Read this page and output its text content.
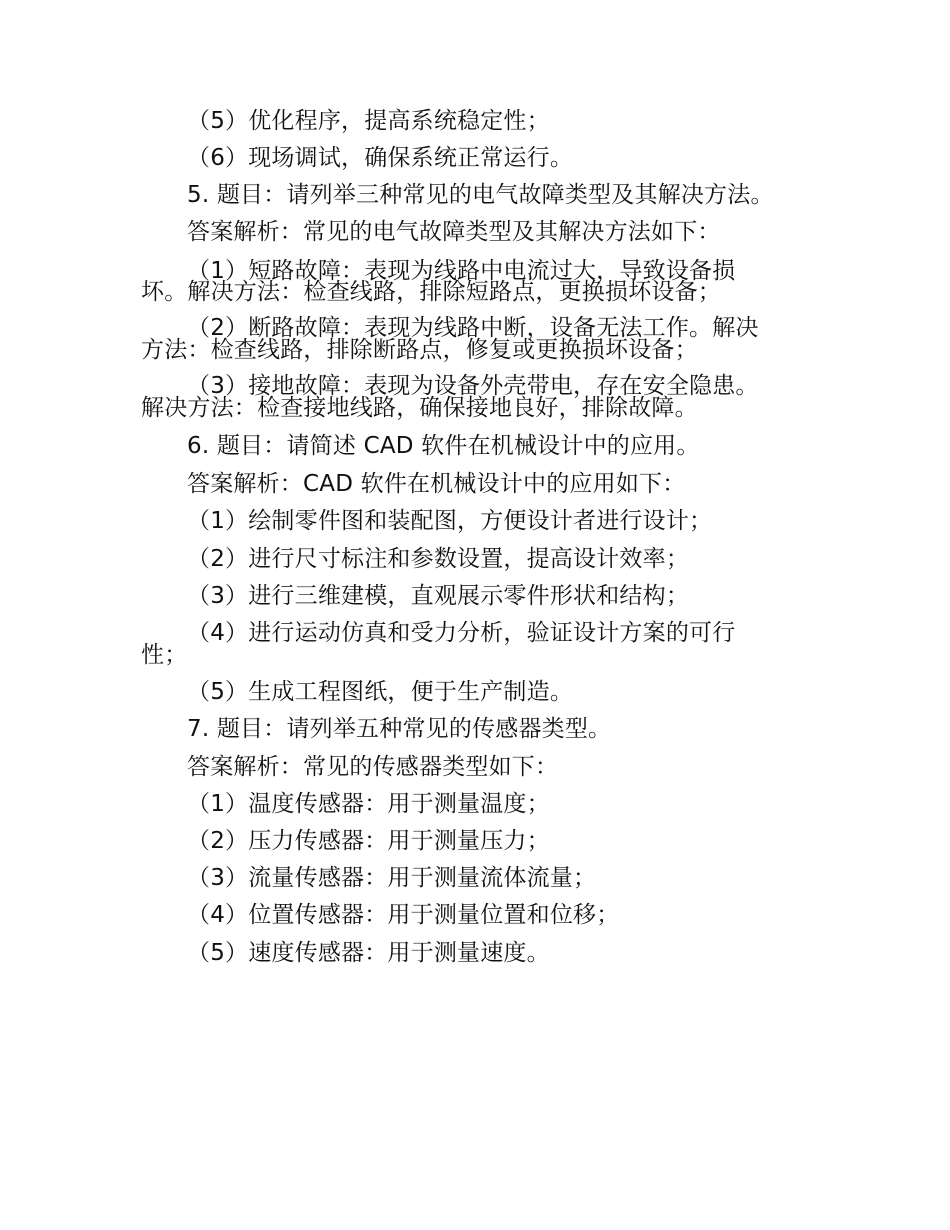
（5）优化程序，提高系统稳定性；
（6）现场调试，确保系统正常运行。
5. 题目：请列举三种常见的电气故障类型及其解决方法。
答案解析：常见的电气故障类型及其解决方法如下：
（1）短路故障：表现为线路中电流过大，导致设备损
坏。解决方法：检查线路，排除短路点，更换损坏设备；
（2）断路故障：表现为线路中断，设备无法工作。解决
方法：检查线路，排除断路点，修复或更换损坏设备；
（3）接地故障：表现为设备外壳带电，存在安全隐患。
解决方法：检查接地线路，确保接地良好，排除故障。
6. 题目：请简述 CAD 软件在机械设计中的应用。
答案解析：CAD 软件在机械设计中的应用如下：
（1）绘制零件图和装配图，方便设计者进行设计；
（2）进行尺寸标注和参数设置，提高设计效率；
（3）进行三维建模，直观展示零件形状和结构；
（4）进行运动仿真和受力分析，验证设计方案的可行
性；
（5）生成工程图纸，便于生产制造。
7. 题目：请列举五种常见的传感器类型。
答案解析：常见的传感器类型如下：
（1）温度传感器：用于测量温度；
（2）压力传感器：用于测量压力；
（3）流量传感器：用于测量流体流量；
（4）位置传感器：用于测量位置和位移；
（5）速度传感器：用于测量速度。
